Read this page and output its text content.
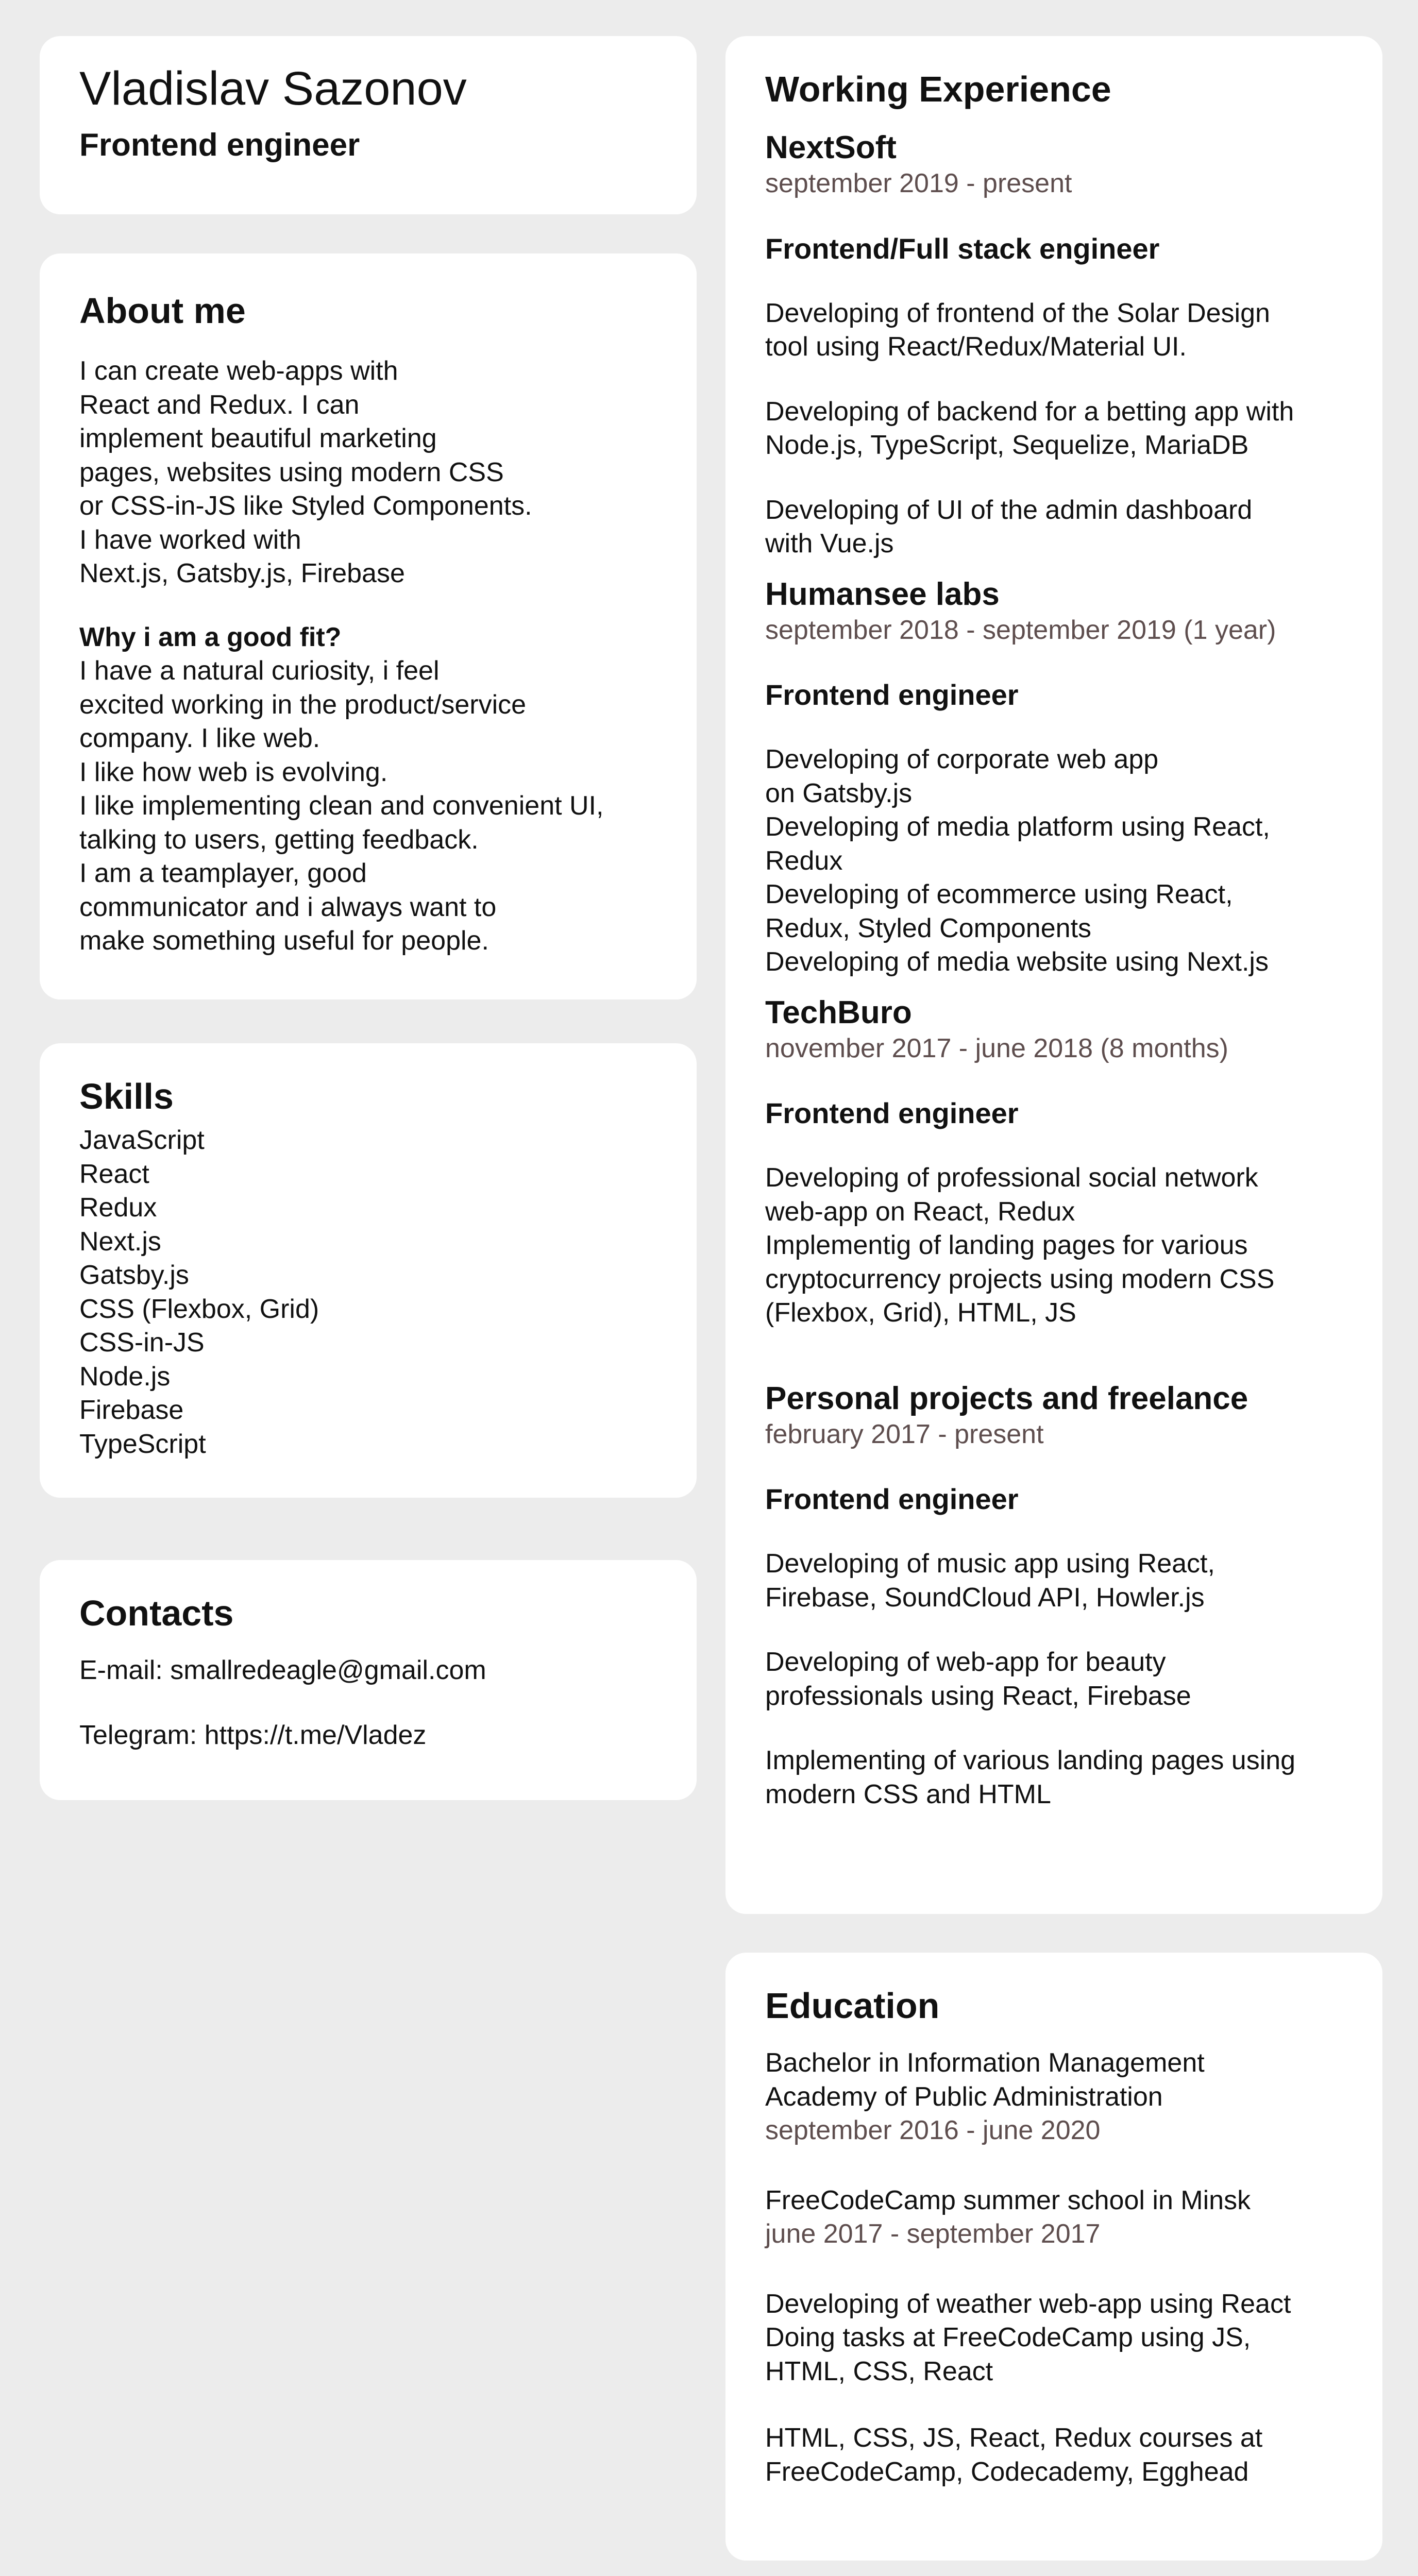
Vladislav Sazonov
Frontend engineer
About me
I can create web-apps with
React and Redux. I can
implement beautiful marketing
pages, websites using modern CSS
or CSS-in-JS like Styled Components.
I have worked with
Next.js, Gatsby.js, Firebase
Why i am a good fit?
I have a natural curiosity, i feel
excited working in the product/service
company. I like web.
I like how web is evolving.
I like implementing clean and convenient UI,
talking to users, getting feedback.
I am a teamplayer, good
communicator and i always want to
make something useful for people.
Skills
JavaScript
React
Redux
Next.js
Gatsby.js
CSS (Flexbox, Grid)
CSS-in-JS
Node.js
Firebase
TypeScript
Contacts
E-mail: smallredeagle@gmail.com
Telegram: https://t.me/Vladez
Working Experience
NextSoft
september 2019 - present
Frontend/Full stack engineer
Developing of frontend of the Solar Design
tool using React/Redux/Material UI.
Developing of backend for a betting app with
Node.js, TypeScript, Sequelize, MariaDB
Developing of UI of the admin dashboard
with Vue.js
Humansee labs
september 2018 - september 2019 (1 year)
Frontend engineer
Developing of corporate web app
on Gatsby.js
Developing of media platform using React,
Redux
Developing of ecommerce using React,
Redux, Styled Components
Developing of media website using Next.js
TechBuro
november 2017 - june 2018 (8 months)
Frontend engineer
Developing of professional social network
web-app on React, Redux
Implementig of landing pages for various
cryptocurrency projects using modern CSS
(Flexbox, Grid), HTML, JS
Personal projects and freelance
february 2017 - present
Frontend engineer
Developing of music app using React,
Firebase, SoundCloud API, Howler.js
Developing of web-app for beauty
professionals using React, Firebase
Implementing of various landing pages using
modern CSS and HTML
Education
Bachelor in Information Management
Academy of Public Administration
september 2016 - june 2020
FreeCodeCamp summer school in Minsk
june 2017 - september 2017
Developing of weather web-app using React
Doing tasks at FreeCodeCamp using JS,
HTML, CSS, React
HTML, CSS, JS, React, Redux courses at
FreeCodeCamp, Codecademy, Egghead
